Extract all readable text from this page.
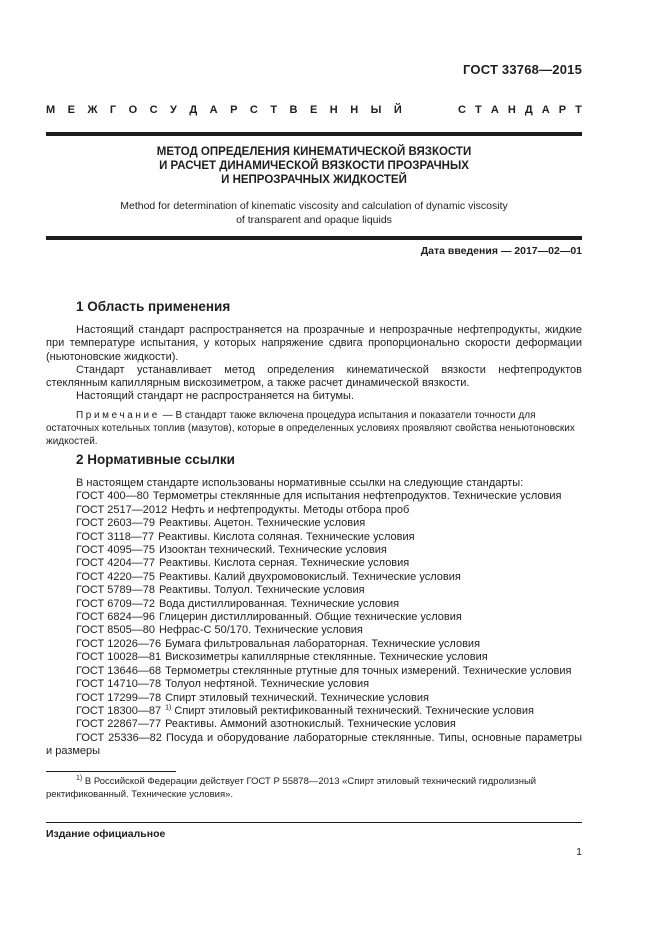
ГОСТ 33768—2015
М Е Ж Г О С У Д А Р С Т В Е Н Н Ы Й	С Т А Н Д А Р Т
МЕТОД ОПРЕДЕЛЕНИЯ КИНЕМАТИЧЕСКОЙ ВЯЗКОСТИ
И РАСЧЕТ ДИНАМИЧЕСКОЙ ВЯЗКОСТИ ПРОЗРАЧНЫХ
И НЕПРОЗРАЧНЫХ ЖИДКОСТЕЙ
Method for determination of kinematic viscosity and calculation of dynamic viscosity
of transparent and opaque liquids
Дата введения — 2017—02—01
1 Область применения
Настоящий стандарт распространяется на прозрачные и непрозрачные нефтепродукты, жидкие при температуре испытания, у которых напряжение сдвига пропорционально скорости деформации (ньютоновские жидкости).
Стандарт устанавливает метод определения кинематической вязкости нефтепродуктов стеклянным капиллярным вискозиметром, а также расчет динамической вязкости.
Настоящий стандарт не распространяется на битумы.
Примечание — В стандарт также включена процедура испытания и показатели точности для остаточных котельных топлив (мазутов), которые в определенных условиях проявляют свойства неньютоновских жидкостей.
2 Нормативные ссылки
В настоящем стандарте использованы нормативные ссылки на следующие стандарты:
ГОСТ 400—80 Термометры стеклянные для испытания нефтепродуктов. Технические условия
ГОСТ 2517—2012 Нефть и нефтепродукты. Методы отбора проб
ГОСТ 2603—79 Реактивы. Ацетон. Технические условия
ГОСТ 3118—77 Реактивы. Кислота соляная. Технические условия
ГОСТ 4095—75 Изооктан технический. Технические условия
ГОСТ 4204—77 Реактивы. Кислота серная. Технические условия
ГОСТ 4220—75 Реактивы. Калий двухромовокислый. Технические условия
ГОСТ 5789—78 Реактивы. Толуол. Технические условия
ГОСТ 6709—72 Вода дистиллированная. Технические условия
ГОСТ 6824—96 Глицерин дистиллированный. Общие технические условия
ГОСТ 8505—80 Нефрас-С 50/170. Технические условия
ГОСТ 12026—76 Бумага фильтровальная лабораторная. Технические условия
ГОСТ 10028—81 Вискозиметры капиллярные стеклянные. Технические условия
ГОСТ 13646—68 Термометры стеклянные ртутные для точных измерений. Технические условия
ГОСТ 14710—78 Толуол нефтяной. Технические условия
ГОСТ 17299—78 Спирт этиловый технический. Технические условия
ГОСТ 18300—87 $^{1)}$ Спирт этиловый ректификованный технический. Технические условия
ГОСТ 22867—77 Реактивы. Аммоний азотнокислый. Технические условия
ГОСТ 25336—82 Посуда и оборудование лабораторные стеклянные. Типы, основные параметры и размеры
$^{1)}$ В Российской Федерации действует ГОСТ Р 55878—2013 «Спирт этиловый технический гидролизный ректификованный. Технические условия».
Издание официальное
1
